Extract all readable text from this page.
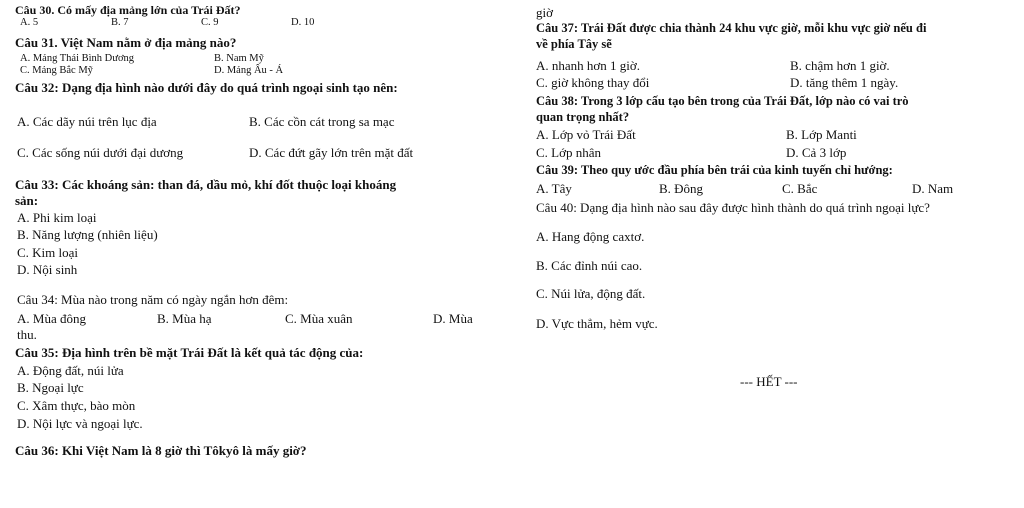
Câu 30. Có mấy địa mảng lớn của Trái Đất?
A. 5	B. 7	C. 9	D. 10
Câu 31. Việt Nam nằm ở địa mảng nào?
A. Mảng Thái Bình Dương	B. Nam Mỹ
C. Mảng Bắc Mỹ	D. Mảng Âu - Á
Câu 32: Dạng địa hình nào dưới đây do quá trình ngoại sinh tạo nên:
A. Các dãy núi trên lục địa	B. Các cồn cát trong sa mạc
C. Các sống núi dưới đại dương	D. Các đứt gãy lớn trên mặt đất
Câu 33: Các khoáng sản: than đá, dầu mỏ, khí đốt thuộc loại khoáng
sản:
A. Phi kim loại
B. Năng lượng (nhiên liệu)
C. Kim loại
D. Nội sinh
Câu 34: Mùa nào trong năm có ngày ngắn hơn đêm:
A. Mùa đông	B. Mùa hạ	C. Mùa xuân	D. Mùa
thu.
Câu 35: Địa hình trên bề mặt Trái Đất là kết quả tác động của:
A. Động đất, núi lửa
B. Ngoại lực
C. Xâm thực, bào mòn
D. Nội lực và ngoại lực.
Câu 36: Khi Việt Nam là 8 giờ thì Tôkyô là mấy giờ?
giờ
Câu 37: Trái Đất được chia thành 24 khu vực giờ, mỗi khu vực giờ nếu đi
về phía Tây sẽ
A. nhanh hơn 1 giờ.	B. chậm hơn 1 giờ.
C. giờ không thay đổi	D. tăng thêm 1 ngày.
Câu 38: Trong 3 lớp cấu tạo bên trong của Trái Đất, lớp nào có vai trò
quan trọng nhất?
A. Lớp vỏ Trái Đất	B. Lớp Manti
C. Lớp nhân	D. Cả 3 lớp
Câu 39: Theo quy ước đầu phía bên trái của kinh tuyến chỉ hướng:
A. Tây	B. Đông	C. Bắc	D. Nam
Câu 40: Dạng địa hình nào sau đây được hình thành do quá trình ngoại lực?
A. Hang động caxtơ.
B. Các đỉnh núi cao.
C. Núi lửa, động đất.
D. Vực thẳm, hẻm vực.
--- HẾT ---
